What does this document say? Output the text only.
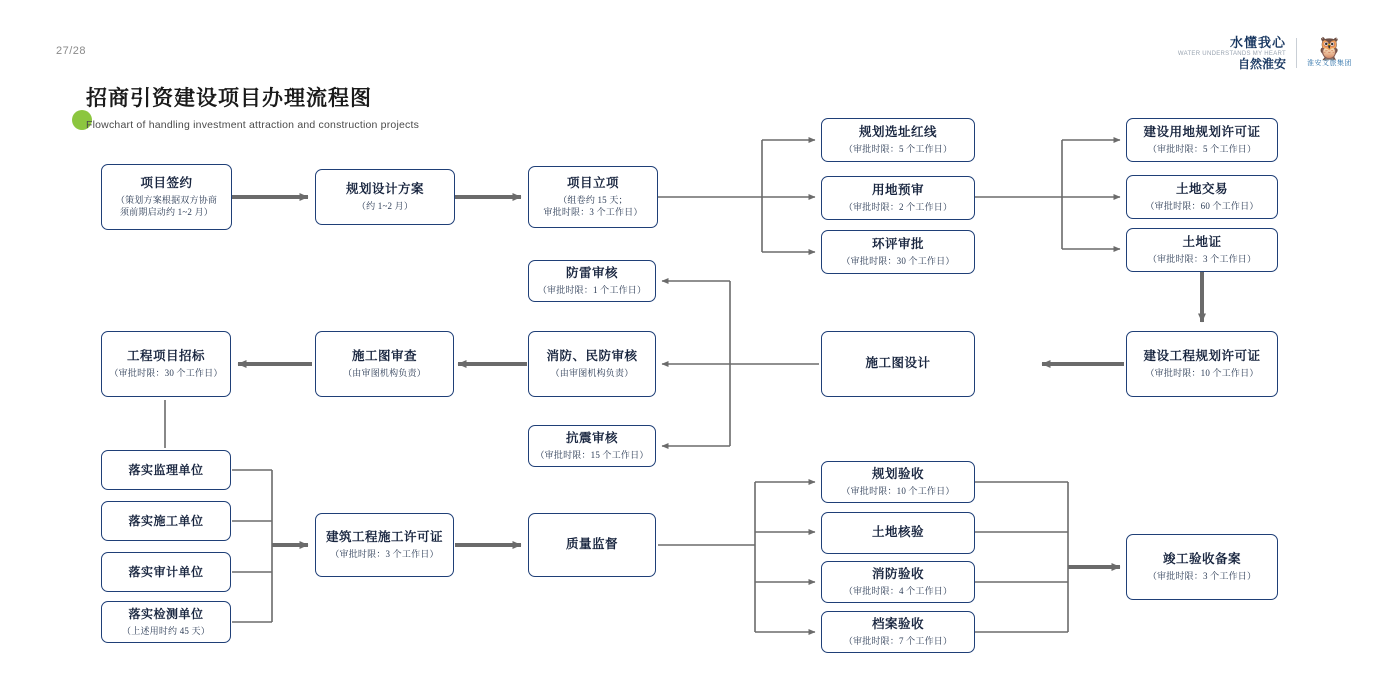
27/28
水懂我心
WATER UNDERSTANDS MY HEART
自然淮安
🦉
淮安文旅集团
招商引资建设项目办理流程图
Flowchart of handling investment attraction and construction projects
项目签约
（策划方案根据双方协商
须前期启动约 1~2 月）
规划设计方案
（约 1~2 月）
项目立项
（组卷约 15 天；
审批时限：3 个工作日）
规划选址红线
（审批时限：5 个工作日）
用地预审
（审批时限：2 个工作日）
环评审批
（审批时限：30 个工作日）
建设用地规划许可证
（审批时限：5 个工作日）
土地交易
（审批时限：60 个工作日）
土地证
（审批时限：3 个工作日）
建设工程规划许可证
（审批时限：10 个工作日）
施工图设计
防雷审核
（审批时限：1 个工作日）
消防、民防审核
（由审图机构负责）
抗震审核
（审批时限：15 个工作日）
施工图审查
（由审图机构负责）
工程项目招标
（审批时限：30 个工作日）
落实监理单位
落实施工单位
落实审计单位
落实检测单位
（上述用时约 45 天）
建筑工程施工许可证
（审批时限：3 个工作日）
质量监督
规划验收
（审批时限：10 个工作日）
土地核验
消防验收
（审批时限：4 个工作日）
档案验收
（审批时限：7 个工作日）
竣工验收备案
（审批时限：3 个工作日）
